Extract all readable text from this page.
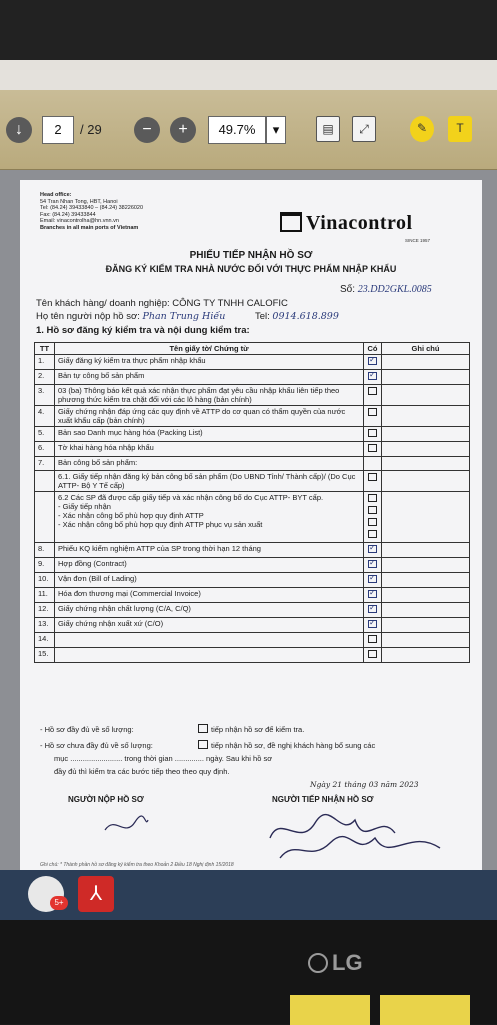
↓	2	/ 29	−	+	49.7%	▾	▤	⤢	✎	T
Head office:
54 Tran Nhan Tong, HBT, Hanoi
Tel: (84.24) 39433840 – (84.24) 38226020
Fax: (84.24) 39433844
Email: vinacontrolha@hn.vnn.vn
Branches in all main ports of Vietnam	Vinacontrol
SINCE 1957
PHIẾU TIẾP NHẬN HỒ SƠ
ĐĂNG KÝ KIỂM TRA NHÀ NƯỚC ĐỐI VỚI THỰC PHẨM NHẬP KHẨU
Số: 23.DD2GKL.0085
Tên khách hàng/ doanh nghiệp: CÔNG TY TNHH CALOFIC
Họ tên người nộp hồ sơ: Phan Trung Hiếu	Tel: 0914.618.899
1. Hồ sơ đăng ký kiểm tra và nội dung kiểm tra:
TT	Tên giấy tờ/ Chứng từ	Có	Ghi chú
1.	Giấy đăng ký kiểm tra thực phẩm nhập khẩu	✓	
2.	Bản tự công bố sản phẩm	✓	
3.	03 (ba) Thông báo kết quả xác nhận thực phẩm đạt yêu cầu nhập khẩu liên tiếp theo phương thức kiểm tra chặt đối với các lô hàng (bản chính)		
4.	Giấy chứng nhận đáp ứng các quy định về ATTP do cơ quan có thẩm quyền của nước xuất khẩu cấp (bản chính)		
5.	Bản sao Danh mục hàng hóa (Packing List)		
6.	Tờ khai hàng hóa nhập khẩu		
7.	Bản công bố sản phẩm:		
	6.1. Giấy tiếp nhận đăng ký bản công bố sản phẩm (Do UBND Tỉnh/ Thành cấp)/ (Do Cục ATTP- Bộ Y Tế cấp)		
	6.2 Các SP đã được cấp giấy tiếp và xác nhận công bố do Cục ATTP- BYT cấp.
- Giấy tiếp nhận
- Xác nhận công bố phù hợp quy định ATTP
- Xác nhận công bố phù hợp quy định ATTP phục vụ sản xuất		
8.	Phiếu KQ kiểm nghiệm ATTP của SP trong thời hạn 12 tháng	✓	
9.	Hợp đồng (Contract)	✓	
10.	Vận đơn (Bill of Lading)	✓	
11.	Hóa đơn thương mại (Commercial Invoice)	✓	
12.	Giấy chứng nhận chất lượng (C/A, C/Q)	✓	
13.	Giấy chứng nhận xuất xứ (C/O)	✓	
14.			
15.			
- Hồ sơ đầy đủ về số lượng:	tiếp nhận hồ sơ để kiểm tra.
- Hồ sơ chưa đầy đủ về số lượng:	tiếp nhận hồ sơ, đề nghị khách hàng bổ sung các
mục ......................... trong thời gian .............. ngày. Sau khi hồ sơ
đầy đủ thì kiểm tra các bước tiếp theo theo quy định.
Ngày 21 tháng 03 năm 2023
NGƯỜI NỘP HỒ SƠ	NGƯỜI TIẾP NHẬN HỒ SƠ
Ghi chú: * Thành phần hồ sơ đăng ký kiểm tra theo Khoản 2 Điều 18 Nghị định 15/2018
5+	⅄
LG
